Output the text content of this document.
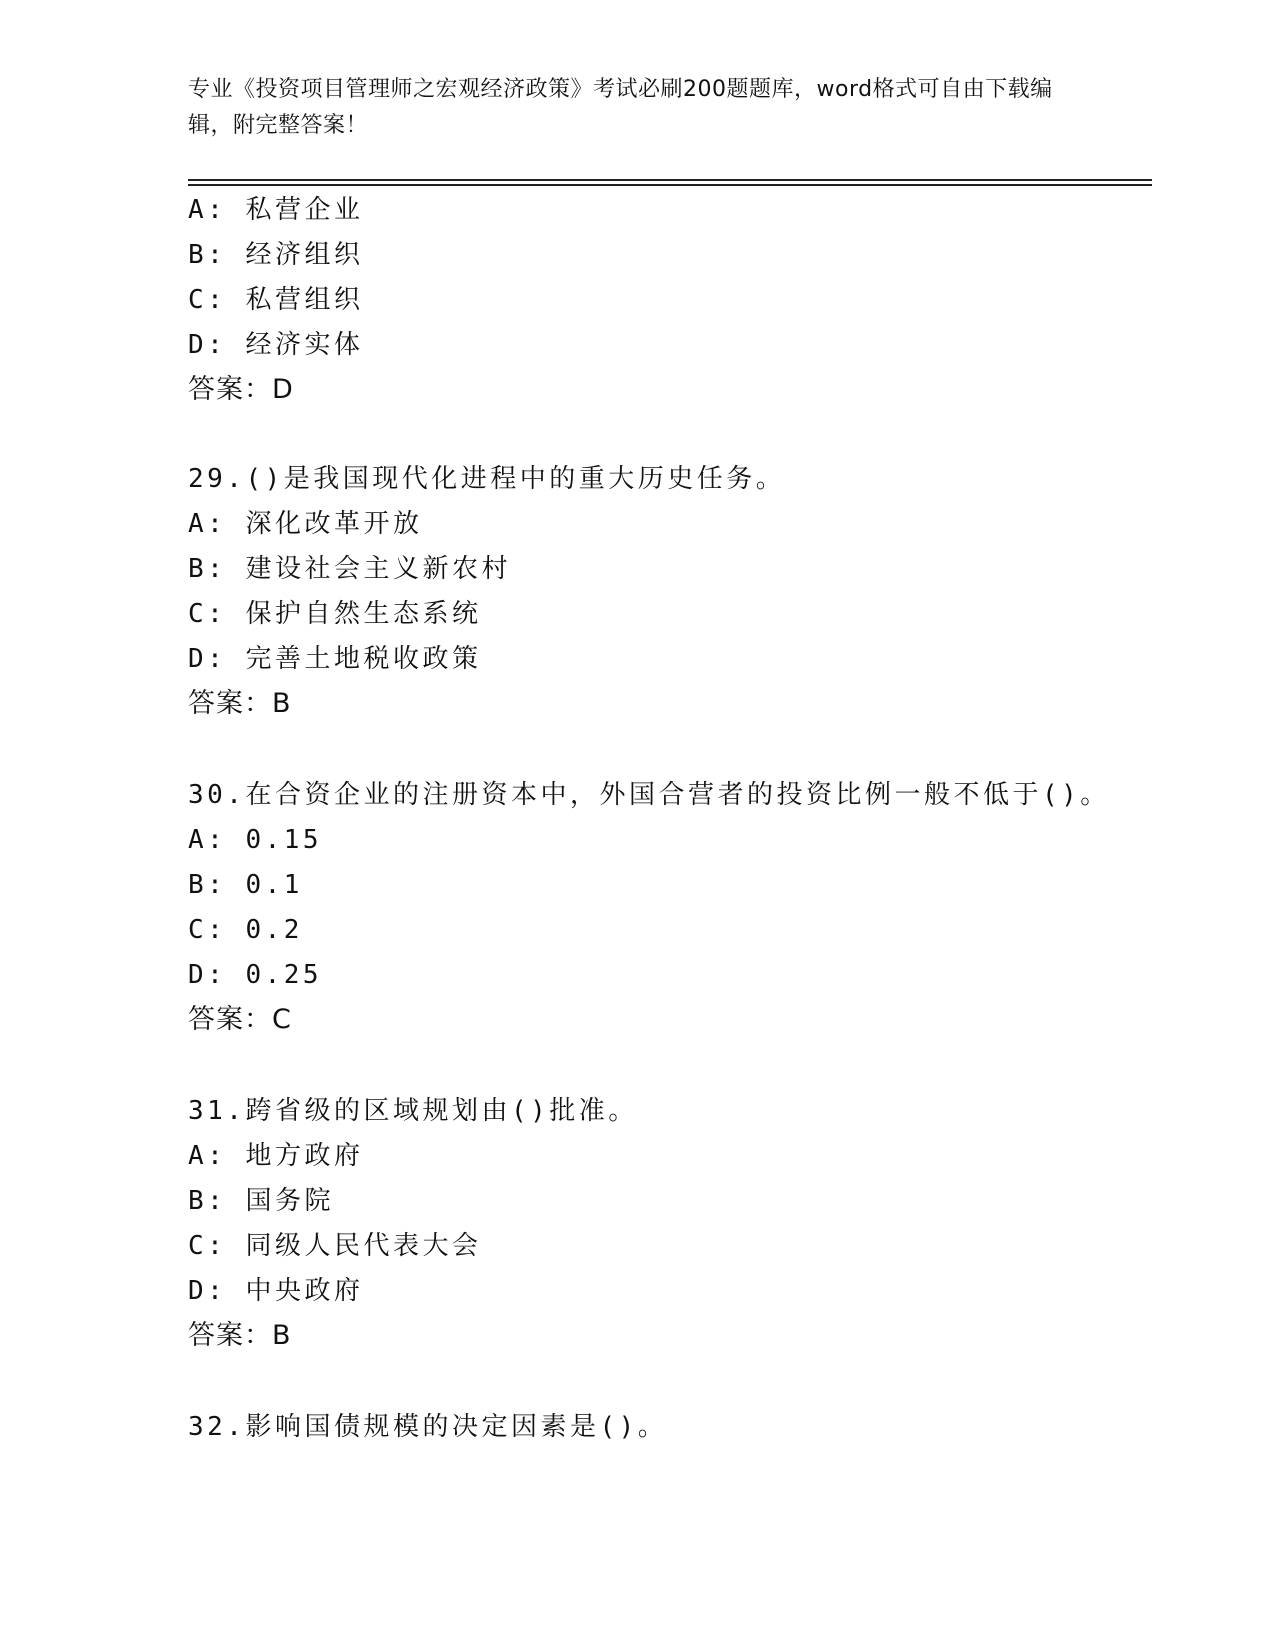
专业《投资项目管理师之宏观经济政策》考试必刷200题题库，word格式可自由下载编辑，附完整答案！
A: 私营企业
B: 经济组织
C: 私营组织
D: 经济实体
答案：D
29.()是我国现代化进程中的重大历史任务。
A: 深化改革开放
B: 建设社会主义新农村
C: 保护自然生态系统
D: 完善土地税收政策
答案：B
30.在合资企业的注册资本中，外国合营者的投资比例一般不低于()。
A: 0.15
B: 0.1
C: 0.2
D: 0.25
答案：C
31.跨省级的区域规划由()批准。
A: 地方政府
B: 国务院
C: 同级人民代表大会
D: 中央政府
答案：B
32.影响国债规模的决定因素是()。
